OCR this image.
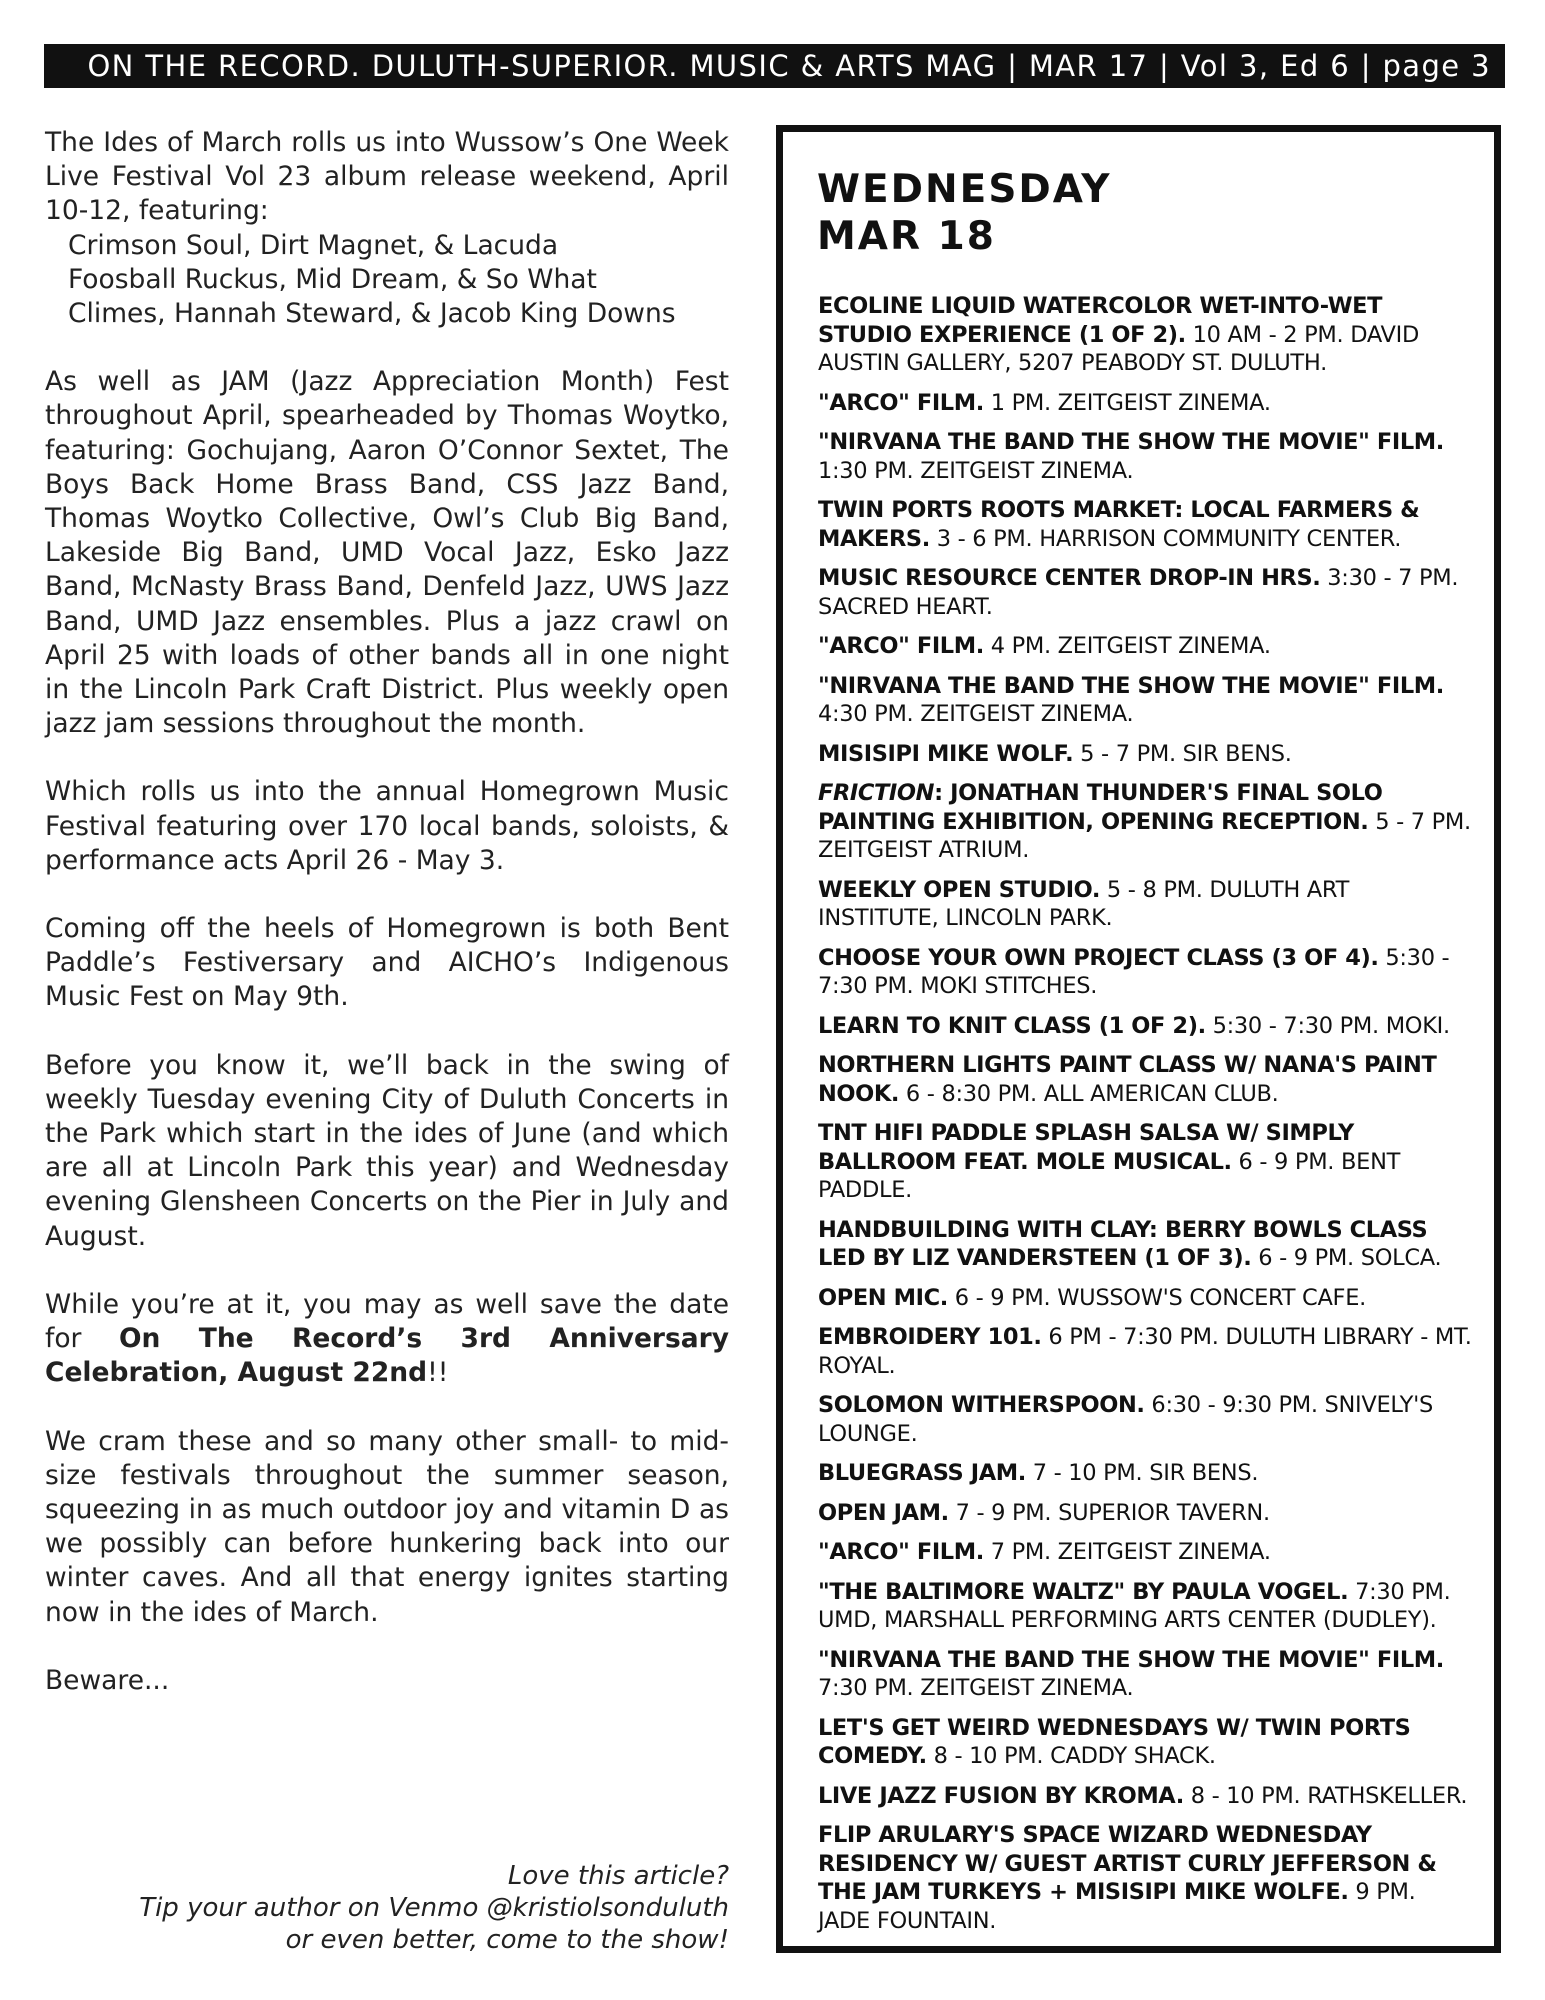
ON THE RECORD. DULUTH-SUPERIOR. MUSIC & ARTS MAG | MAR 17 | Vol 3, Ed 6 | page 3

The Ides of March rolls us into Wussow’s One Week Live Festival Vol 23 album release weekend, April 10-12, featuring:

Crimson Soul, Dirt Magnet, & Lacuda
Foosball Ruckus, Mid Dream, & So What
Climes, Hannah Steward, & Jacob King Downs

As well as JAM (Jazz Appreciation Month) Fest throughout April, spearheaded by Thomas Woytko, featuring: Gochujang, Aaron O’Connor Sextet, The Boys Back Home Brass Band, CSS Jazz Band, Thomas Woytko Collective, Owl’s Club Big Band, Lakeside Big Band, UMD Vocal Jazz, Esko Jazz Band, McNasty Brass Band, Denfeld Jazz, UWS Jazz Band, UMD Jazz ensembles. Plus a jazz crawl on April 25 with loads of other bands all in one night in the Lincoln Park Craft District. Plus weekly open jazz jam sessions throughout the month.

Which rolls us into the annual Homegrown Music Festival featuring over 170 local bands, soloists, & performance acts April 26 - May 3.

Coming off the heels of Homegrown is both Bent Paddle’s Festiversary and AICHO’s Indigenous Music Fest on May 9th.

Before you know it, we’ll back in the swing of weekly Tuesday evening City of Duluth Concerts in the Park which start in the ides of June (and which are all at Lincoln Park this year) and Wednesday evening Glensheen Concerts on the Pier in July and August.

While you’re at it, you may as well save the date for On The Record’s 3rd Anniversary Celebration, August 22nd!!

We cram these and so many other small- to mid-size festivals throughout the summer season, squeezing in as much outdoor joy and vitamin D as we possibly can before hunkering back into our winter caves. And all that energy ignites starting now in the ides of March.

Beware...

Love this article?
Tip your author on Venmo @kristiolsonduluth
or even better, come to the show!
WEDNESDAY
MAR 18
ECOLINE LIQUID WATERCOLOR WET-INTO-WET STUDIO EXPERIENCE (1 OF 2). 10 AM - 2 PM. DAVID AUSTIN GALLERY, 5207 PEABODY ST. DULUTH.
"ARCO" FILM. 1 PM. ZEITGEIST ZINEMA.
"NIRVANA THE BAND THE SHOW THE MOVIE" FILM. 1:30 PM. ZEITGEIST ZINEMA.
TWIN PORTS ROOTS MARKET: LOCAL FARMERS & MAKERS. 3 - 6 PM. HARRISON COMMUNITY CENTER.
MUSIC RESOURCE CENTER DROP-IN HRS. 3:30 - 7 PM. SACRED HEART.
"ARCO" FILM. 4 PM. ZEITGEIST ZINEMA.
"NIRVANA THE BAND THE SHOW THE MOVIE" FILM. 4:30 PM. ZEITGEIST ZINEMA.
MISISIPI MIKE WOLF. 5 - 7 PM. SIR BENS.
FRICTION: JONATHAN THUNDER'S FINAL SOLO PAINTING EXHIBITION, OPENING RECEPTION. 5 - 7 PM. ZEITGEIST ATRIUM.
WEEKLY OPEN STUDIO. 5 - 8 PM. DULUTH ART INSTITUTE, LINCOLN PARK.
CHOOSE YOUR OWN PROJECT CLASS (3 OF 4). 5:30 - 7:30 PM. MOKI STITCHES.
LEARN TO KNIT CLASS (1 OF 2). 5:30 - 7:30 PM. MOKI.
NORTHERN LIGHTS PAINT CLASS W/ NANA'S PAINT NOOK. 6 - 8:30 PM. ALL AMERICAN CLUB.
TNT HIFI PADDLE SPLASH SALSA W/ SIMPLY BALLROOM FEAT. MOLE MUSICAL. 6 - 9 PM. BENT PADDLE.
HANDBUILDING WITH CLAY: BERRY BOWLS CLASS LED BY LIZ VANDERSTEEN (1 OF 3). 6 - 9 PM. SOLCA.
OPEN MIC. 6 - 9 PM. WUSSOW'S CONCERT CAFE.
EMBROIDERY 101. 6 PM - 7:30 PM. DULUTH LIBRARY - MT. ROYAL.
SOLOMON WITHERSPOON. 6:30 - 9:30 PM. SNIVELY'S LOUNGE.
BLUEGRASS JAM. 7 - 10 PM. SIR BENS.
OPEN JAM. 7 - 9 PM. SUPERIOR TAVERN.
"ARCO" FILM. 7 PM. ZEITGEIST ZINEMA.
"THE BALTIMORE WALTZ" BY PAULA VOGEL. 7:30 PM. UMD, MARSHALL PERFORMING ARTS CENTER (DUDLEY).
"NIRVANA THE BAND THE SHOW THE MOVIE" FILM. 7:30 PM. ZEITGEIST ZINEMA.
LET'S GET WEIRD WEDNESDAYS W/ TWIN PORTS COMEDY. 8 - 10 PM. CADDY SHACK.
LIVE JAZZ FUSION BY KROMA. 8 - 10 PM. RATHSKELLER.
FLIP ARULARY'S SPACE WIZARD WEDNESDAY RESIDENCY W/ GUEST ARTIST CURLY JEFFERSON & THE JAM TURKEYS + MISISIPI MIKE WOLFE. 9 PM. JADE FOUNTAIN.
